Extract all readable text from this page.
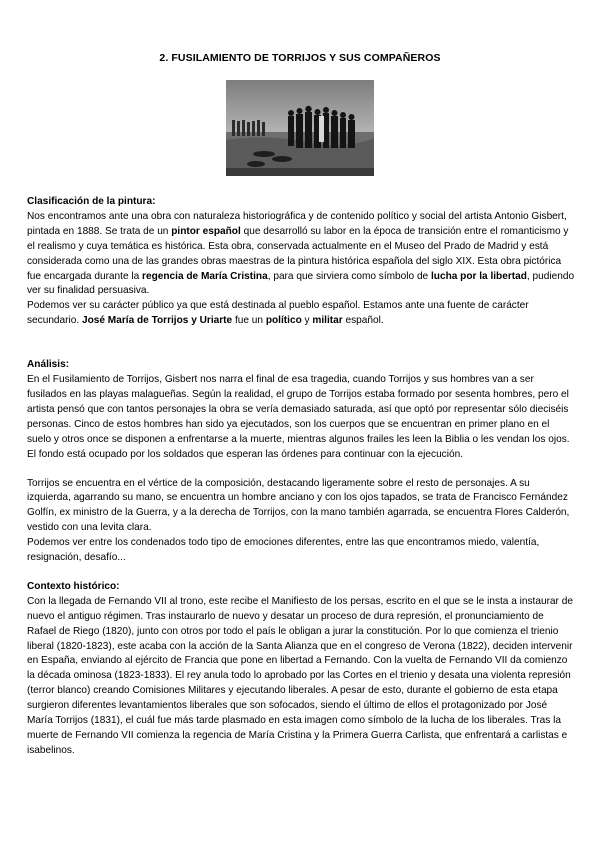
2. FUSILAMIENTO DE TORRIJOS Y SUS COMPAÑEROS

Clasificación de la pintura:

Nos encontramos ante una obra con naturaleza historiográfica y de contenido político y social del artista Antonio Gisbert, pintada en 1888. Se trata de un pintor español que desarrolló su labor en la época de transición entre el romanticismo y el realismo y cuya temática es histórica. Esta obra, conservada actualmente en el Museo del Prado de Madrid y está considerada como una de las grandes obras maestras de la pintura histórica española del siglo XIX. Esta obra pictórica fue encargada durante la regencia de María Cristina, para que sirviera como símbolo de lucha por la libertad, pudiendo ver su finalidad persuasiva.

Podemos ver su carácter público ya que está destinada al pueblo español. Estamos ante una fuente de carácter secundario. José María de Torrijos y Uriarte fue un político y militar español.

Análisis:

En el Fusilamiento de Torrijos, Gisbert nos narra el final de esa tragedia, cuando Torrijos y sus hombres van a ser fusilados en las playas malagueñas. Según la realidad, el grupo de Torrijos estaba formado por sesenta hombres, pero el artista pensó que con tantos personajes la obra se vería demasiado saturada, así que optó por representar sólo dieciséis personas. Cinco de estos hombres han sido ya ejecutados, son los cuerpos que se encuentran en primer plano en el suelo y otros once se disponen a enfrentarse a la muerte, mientras algunos frailes les leen la Biblia o les vendan los ojos. El fondo está ocupado por los soldados que esperan las órdenes para continuar con la ejecución.

Torrijos se encuentra en el vértice de la composición, destacando ligeramente sobre el resto de personajes. A su izquierda, agarrando su mano, se encuentra un hombre anciano y con los ojos tapados, se trata de Francisco Fernández Golfín, ex ministro de la Guerra, y a la derecha de Torrijos, con la mano también agarrada, se encuentra Flores Calderón, vestido con una levita clara.

Podemos ver entre los condenados todo tipo de emociones diferentes, entre las que encontramos miedo, valentía, resignación, desafío...

Contexto histórico:

Con la llegada de Fernando VII al trono, este recibe el Manifiesto de los persas, escrito en el que se le insta a instaurar de nuevo el antiguo régimen. Tras instaurarlo de nuevo y desatar un proceso de dura represión, el pronunciamiento de Rafael de Riego (1820), junto con otros por todo el país le obligan a jurar la constitución. Por lo que comienza el trienio liberal (1820-1823), este acaba con la acción de la Santa Alianza que en el congreso de Verona (1822), deciden intervenir en España, enviando al ejército de Francia que pone en libertad a Fernando. Con la vuelta de Fernando VII da comienzo la década ominosa (1823-1833). El rey anula todo lo aprobado por las Cortes en el trienio y desata una violenta represión (terror blanco) creando Comisiones Militares y ejecutando liberales. A pesar de esto, durante el gobierno de esta etapa surgieron diferentes levantamientos liberales que son sofocados, siendo el último de ellos el protagonizado por José María Torrijos (1831), el cuál fue más tarde plasmado en esta imagen como símbolo de la lucha de los liberales. Tras la muerte de Fernando VII comienza la regencia de María Cristina y la Primera Guerra Carlista, que enfrentará a carlistas e isabelinos.
